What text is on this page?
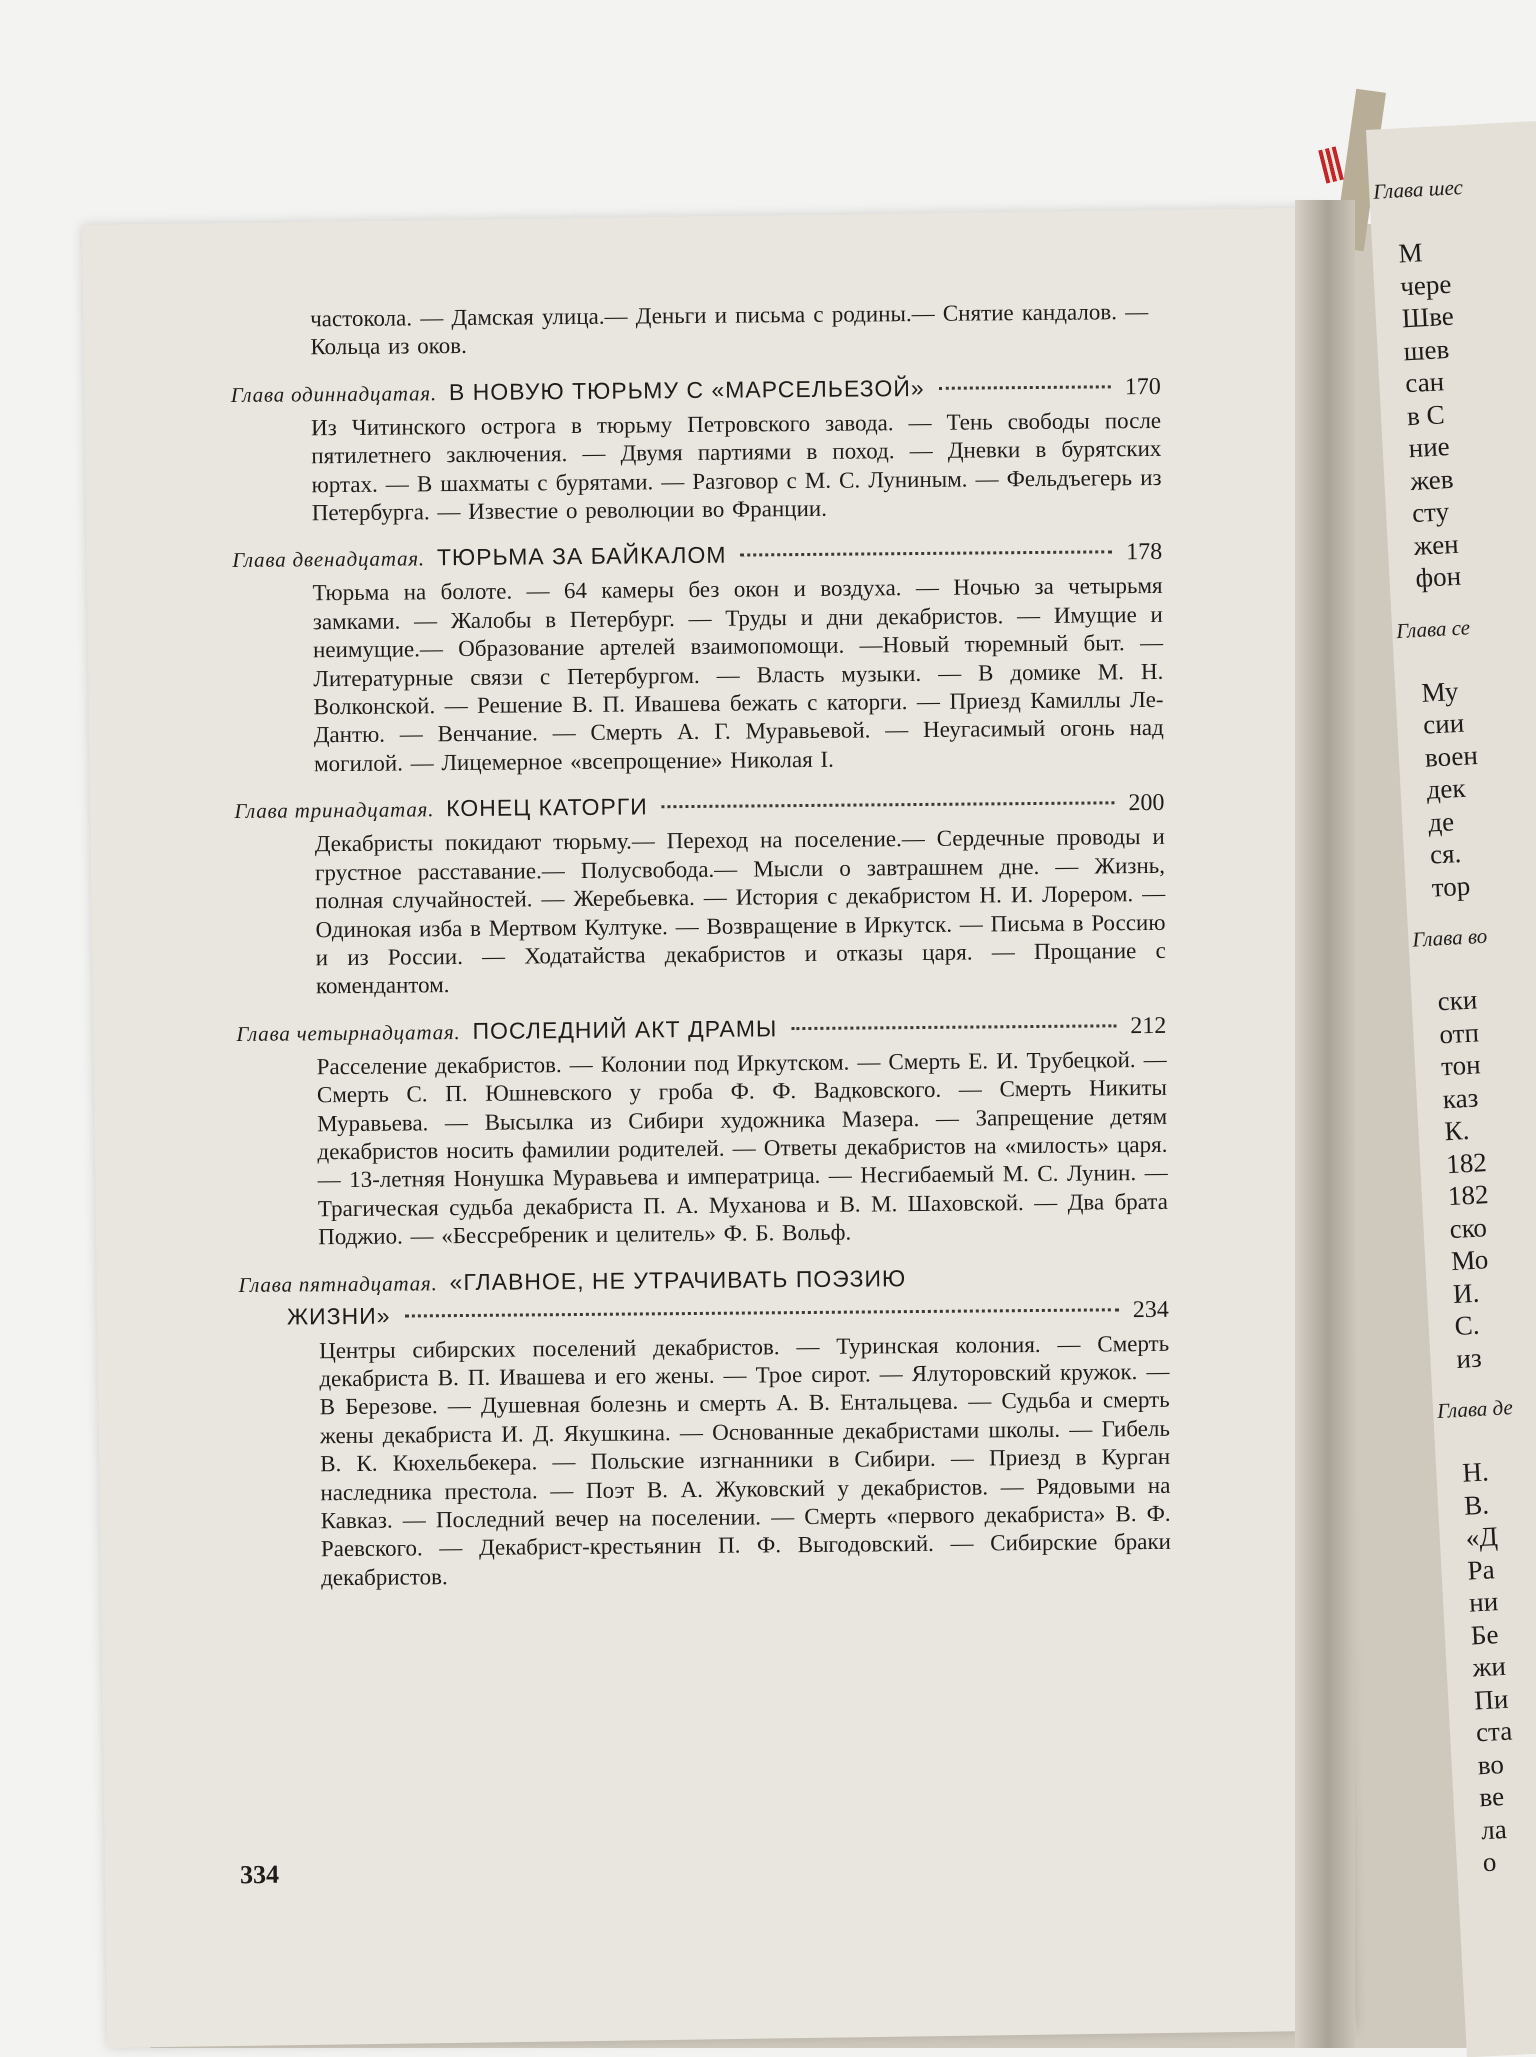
Глава шес
М
чере
Шве
шев
сан
в С
ние
жев
сту
жен
фон
Глава се
Му
сии
воен
дек
де
ся.
тор
Глава во
ски
отп
тон
каз
К.
182
182
ско
Мо
И.
С.
из
Глава де
Н.
В.
«Д
Ра
ни
Бе
жи
Пи
ста
во
ве
ла
о
частокола. — Дамская улица.— Деньги и письма с родины.— Снятие кандалов. — Кольца из оков.
Глава одиннадцатая. В НОВУЮ ТЮРЬМУ С «МАРСЕЛЬЕЗОЙ»	170
Из Читинского острога в тюрьму Петровского завода. — Тень свободы после пятилетнего заключения. — Двумя партиями в поход. — Дневки в бурятских юртах. — В шахматы с бурятами. — Разговор с М. С. Луниным. — Фельдъегерь из Петербурга. — Известие о революции во Франции.
Глава двенадцатая. ТЮРЬМА ЗА БАЙКАЛОМ	178
Тюрьма на болоте. — 64 камеры без окон и воздуха. — Ночью за четырьмя замками. — Жалобы в Петербург. — Труды и дни декабристов. — Имущие и неимущие.— Образование артелей взаимопомощи. —Новый тюремный быт. — Литературные связи с Петербургом. — Власть музыки. — В домике М. Н. Волконской. — Решение В. П. Ивашева бежать с каторги. — Приезд Камиллы Ле-Дантю. — Венчание. — Смерть А. Г. Муравьевой. — Неугасимый огонь над могилой. — Лицемерное «всепрощение» Николая I.
Глава тринадцатая. КОНЕЦ КАТОРГИ	200
Декабристы покидают тюрьму.— Переход на поселение.— Сердечные проводы и грустное расставание.— Полусвобода.— Мысли о завтрашнем дне. — Жизнь, полная случайностей. — Жеребьевка. — История с декабристом Н. И. Лорером. — Одинокая изба в Мертвом Култуке. — Возвращение в Иркутск. — Письма в Россию и из России. — Ходатайства декабристов и отказы царя. — Прощание с комендантом.
Глава четырнадцатая. ПОСЛЕДНИЙ АКТ ДРАМЫ	212
Расселение декабристов. — Колонии под Иркутском. — Смерть Е. И. Трубецкой. — Смерть С. П. Юшневского у гроба Ф. Ф. Вадковского. — Смерть Никиты Муравьева. — Высылка из Сибири художника Мазера. — Запрещение детям декабристов носить фамилии родителей. — Ответы декабристов на «милость» царя. — 13-летняя Нонушка Муравьева и императрица. — Несгибаемый М. С. Лунин. — Трагическая судьба декабриста П. А. Муханова и В. М. Шаховской. — Два брата Поджио. — «Бессребреник и целитель» Ф. Б. Вольф.
Глава пятнадцатая. «ГЛАВНОЕ, НЕ УТРАЧИВАТЬ ПОЭЗИЮ
ЖИЗНИ»	234
Центры сибирских поселений декабристов. — Туринская колония. — Смерть декабриста В. П. Ивашева и его жены. — Трое сирот. — Ялуторовский кружок. — В Березове. — Душевная болезнь и смерть А. В. Ентальцева. — Судьба и смерть жены декабриста И. Д. Якушкина. — Основанные декабристами школы. — Гибель В. К. Кюхельбекера. — Польские изгнанники в Сибири. — Приезд в Курган наследника престола. — Поэт В. А. Жуковский у декабристов. — Рядовыми на Кавказ. — Последний вечер на поселении. — Смерть «первого декабриста» В. Ф. Раевского. — Декабрист-крестьянин П. Ф. Выгодовский. — Сибирские браки декабристов.
334
